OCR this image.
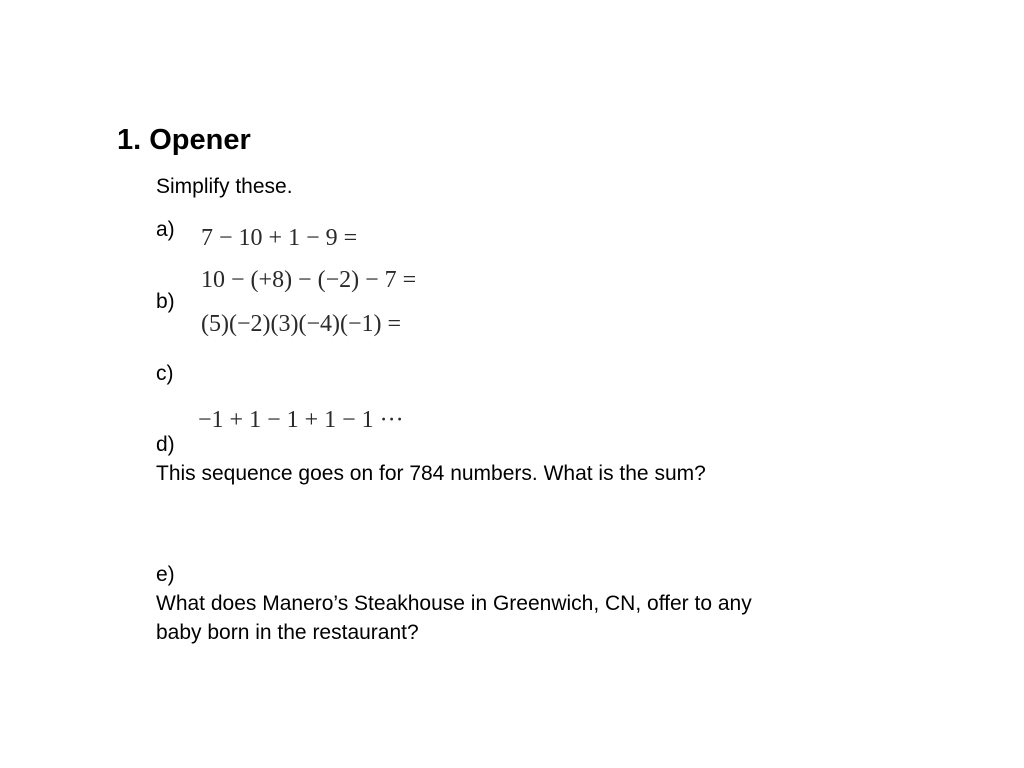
1. Opener
Simplify these.
a) 7 − 10 + 1 − 9 =
10 − (+8) − (−2) − 7 =
b)
(5)(−2)(3)(−4)(−1) =
c)
−1 + 1 − 1 + 1 − 1 ···
d)
This sequence goes on for 784 numbers. What is the sum?
e)
What does Manero’s Steakhouse in Greenwich, CN, offer to any
baby born in the restaurant?
